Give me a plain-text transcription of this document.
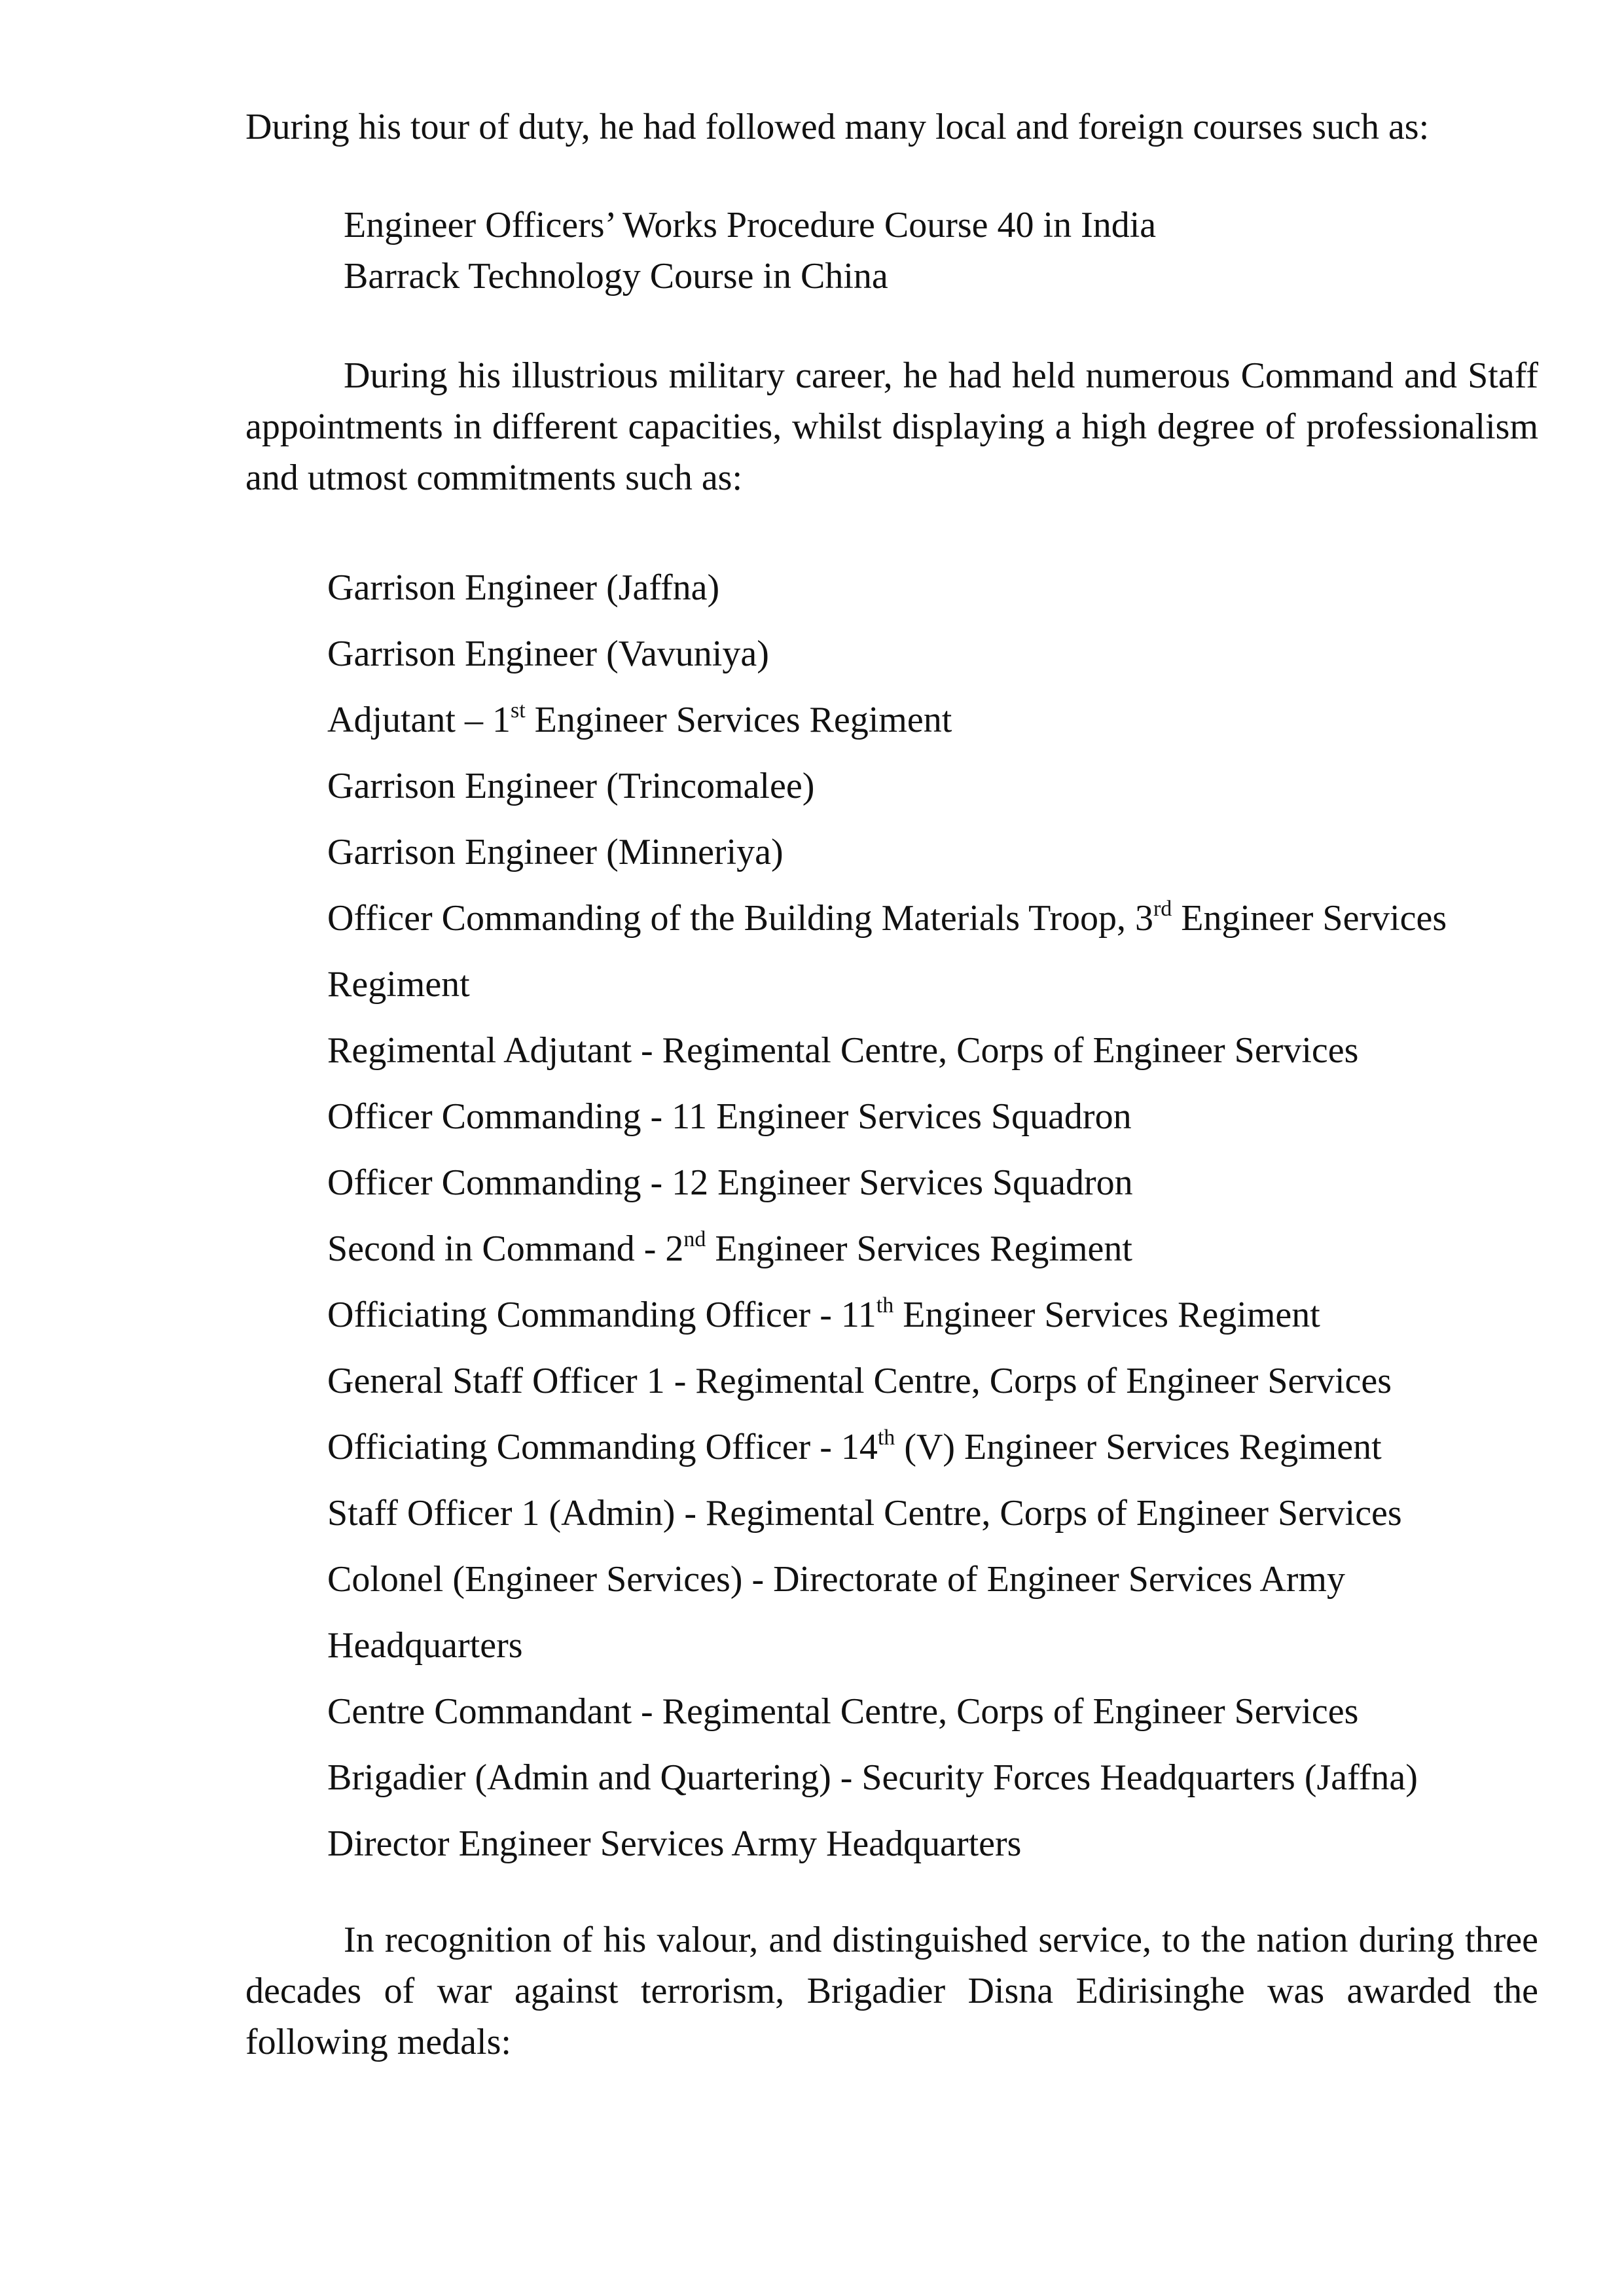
During his tour of duty, he had followed many local and foreign courses such as:

Engineer Officers’ Works Procedure Course 40 in India
Barrack Technology Course in China

During his illustrious military career, he had held numerous Command and Staff appointments in different capacities, whilst displaying a high degree of professionalism and utmost commitments such as:

Garrison Engineer (Jaffna)
Garrison Engineer (Vavuniya)
Adjutant – 1st Engineer Services Regiment
Garrison Engineer (Trincomalee)
Garrison Engineer (Minneriya)
Officer Commanding of the Building Materials Troop, 3rd Engineer Services
Regiment
Regimental Adjutant - Regimental Centre, Corps of Engineer Services
Officer Commanding - 11 Engineer Services Squadron
Officer Commanding - 12 Engineer Services Squadron
Second in Command - 2nd Engineer Services Regiment
Officiating Commanding Officer - 11th Engineer Services Regiment
General Staff Officer 1 - Regimental Centre, Corps of Engineer Services
Officiating Commanding Officer - 14th (V) Engineer Services Regiment
Staff Officer 1 (Admin) - Regimental Centre, Corps of Engineer Services
Colonel (Engineer Services) - Directorate of Engineer Services Army
Headquarters
Centre Commandant - Regimental Centre, Corps of Engineer Services
Brigadier (Admin and Quartering) - Security Forces Headquarters (Jaffna)
Director Engineer Services Army Headquarters

In recognition of his valour, and distinguished service, to the nation during three decades of war against terrorism, Brigadier Disna Edirisinghe was awarded the following medals:
